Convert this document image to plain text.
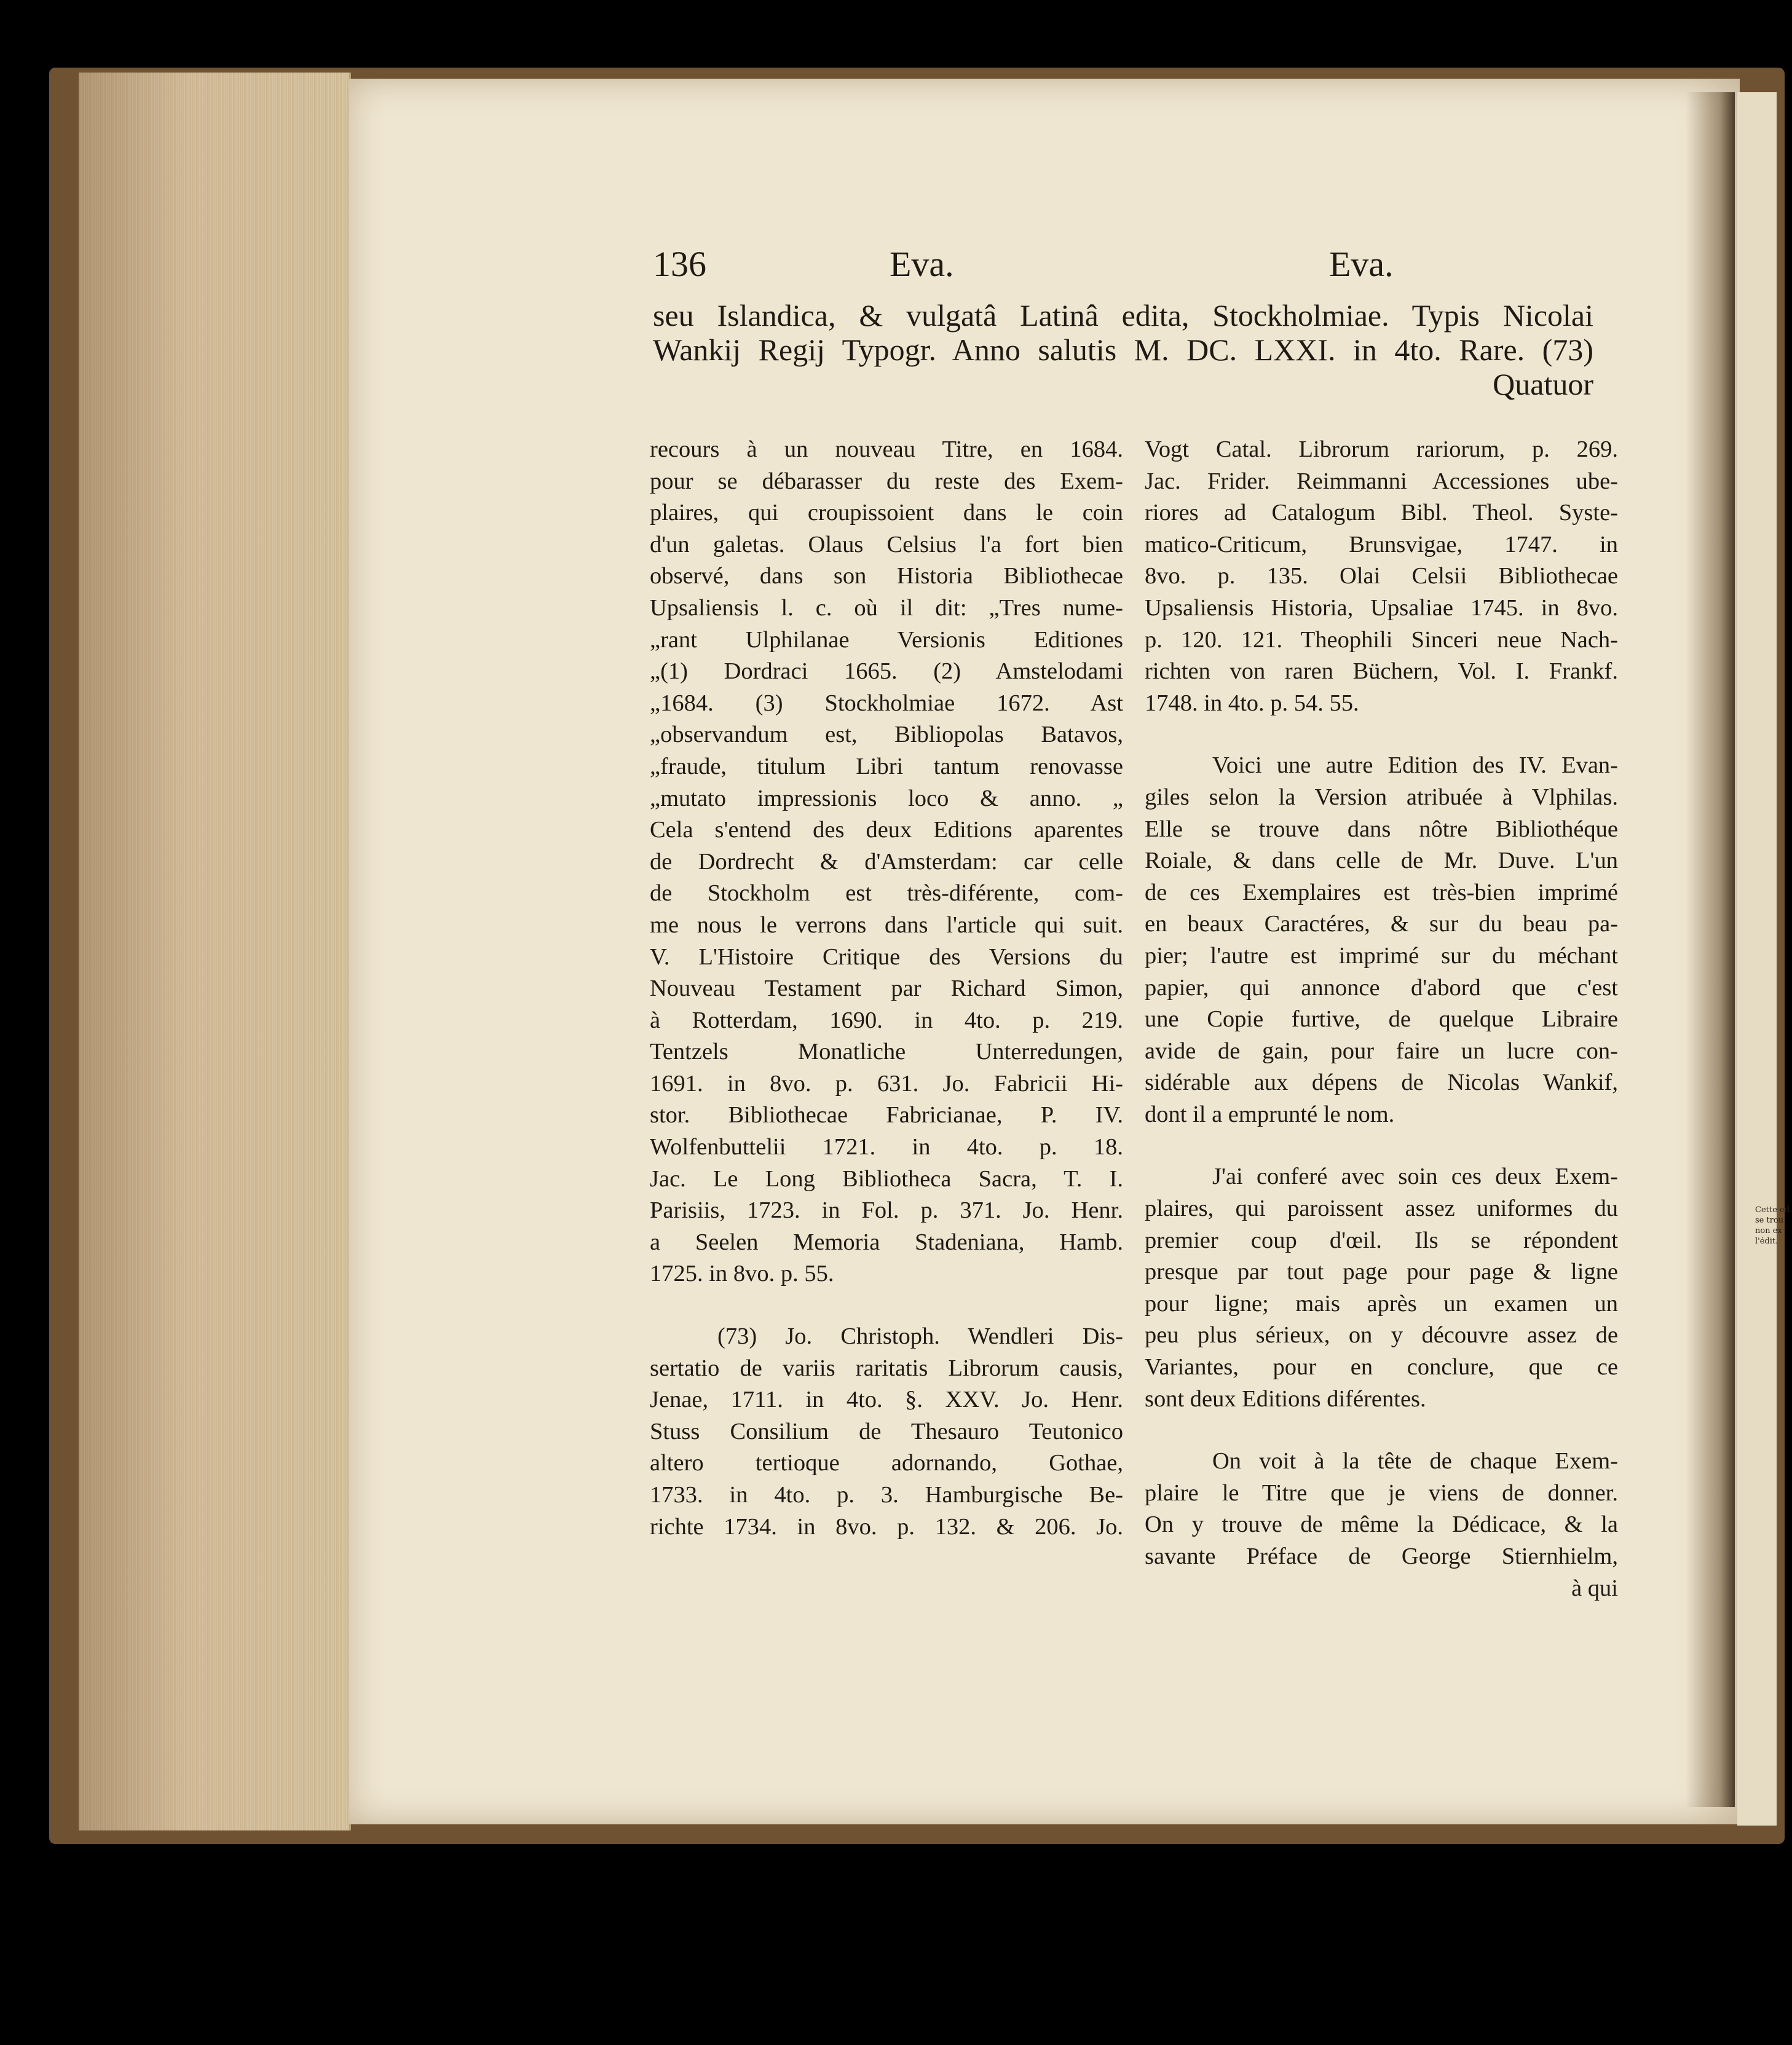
Cette ed.
se trou
non ex
l'édit.
136	Eva.	Eva.
seu Islandica, & vulgatâ Latinâ edita, Stockholmiae. Typis Nicolai
Wankij Regij Typogr. Anno salutis M. DC. LXXI. in 4to. Rare. (73)
Quatuor
recours à un nouveau Titre, en 1684.
pour se débarasser du reste des Exem-
plaires, qui croupissoient dans le coin
d'un galetas. Olaus Celsius l'a fort bien
observé, dans son Historia Bibliothecae
Upsaliensis l. c. où il dit: „Tres nume-
„rant Ulphilanae Versionis Editiones
„(1) Dordraci 1665. (2) Amstelodami
„1684. (3) Stockholmiae 1672. Ast
„observandum est, Bibliopolas Batavos,
„fraude, titulum Libri tantum renovasse
„mutato impressionis loco & anno. „
Cela s'entend des deux Editions aparentes
de Dordrecht & d'Amsterdam: car celle
de Stockholm est très-diférente, com-
me nous le verrons dans l'article qui suit.
V. L'Histoire Critique des Versions du
Nouveau Testament par Richard Simon,
à Rotterdam, 1690. in 4to. p. 219.
Tentzels Monatliche Unterredungen,
1691. in 8vo. p. 631. Jo. Fabricii Hi-
stor. Bibliothecae Fabricianae, P. IV.
Wolfenbuttelii 1721. in 4to. p. 18.
Jac. Le Long Bibliotheca Sacra, T. I.
Parisiis, 1723. in Fol. p. 371. Jo. Henr.
a Seelen Memoria Stadeniana, Hamb.
1725. in 8vo. p. 55.
(73) Jo. Christoph. Wendleri Dis-
sertatio de variis raritatis Librorum causis,
Jenae, 1711. in 4to. §. XXV. Jo. Henr.
Stuss Consilium de Thesauro Teutonico
altero tertioque adornando, Gothae,
1733. in 4to. p. 3. Hamburgische Be-
richte 1734. in 8vo. p. 132. & 206. Jo.
Vogt Catal. Librorum rariorum, p. 269.
Jac. Frider. Reimmanni Accessiones ube-
riores ad Catalogum Bibl. Theol. Syste-
matico-Criticum, Brunsvigae, 1747. in
8vo. p. 135. Olai Celsii Bibliothecae
Upsaliensis Historia, Upsaliae 1745. in 8vo.
p. 120. 121. Theophili Sinceri neue Nach-
richten von raren Büchern, Vol. I. Frankf.
1748. in 4to. p. 54. 55.
Voici une autre Edition des IV. Evan-
giles selon la Version atribuée à Vlphilas.
Elle se trouve dans nôtre Bibliothéque
Roiale, & dans celle de Mr. Duve. L'un
de ces Exemplaires est très-bien imprimé
en beaux Caractéres, & sur du beau pa-
pier; l'autre est imprimé sur du méchant
papier, qui annonce d'abord que c'est
une Copie furtive, de quelque Libraire
avide de gain, pour faire un lucre con-
sidérable aux dépens de Nicolas Wankif,
dont il a emprunté le nom.
J'ai conferé avec soin ces deux Exem-
plaires, qui paroissent assez uniformes du
premier coup d'œil. Ils se répondent
presque par tout page pour page & ligne
pour ligne; mais après un examen un
peu plus sérieux, on y découvre assez de
Variantes, pour en conclure, que ce
sont deux Editions diférentes.
On voit à la tête de chaque Exem-
plaire le Titre que je viens de donner.
On y trouve de même la Dédicace, & la
savante Préface de George Stiernhielm,
à qui
